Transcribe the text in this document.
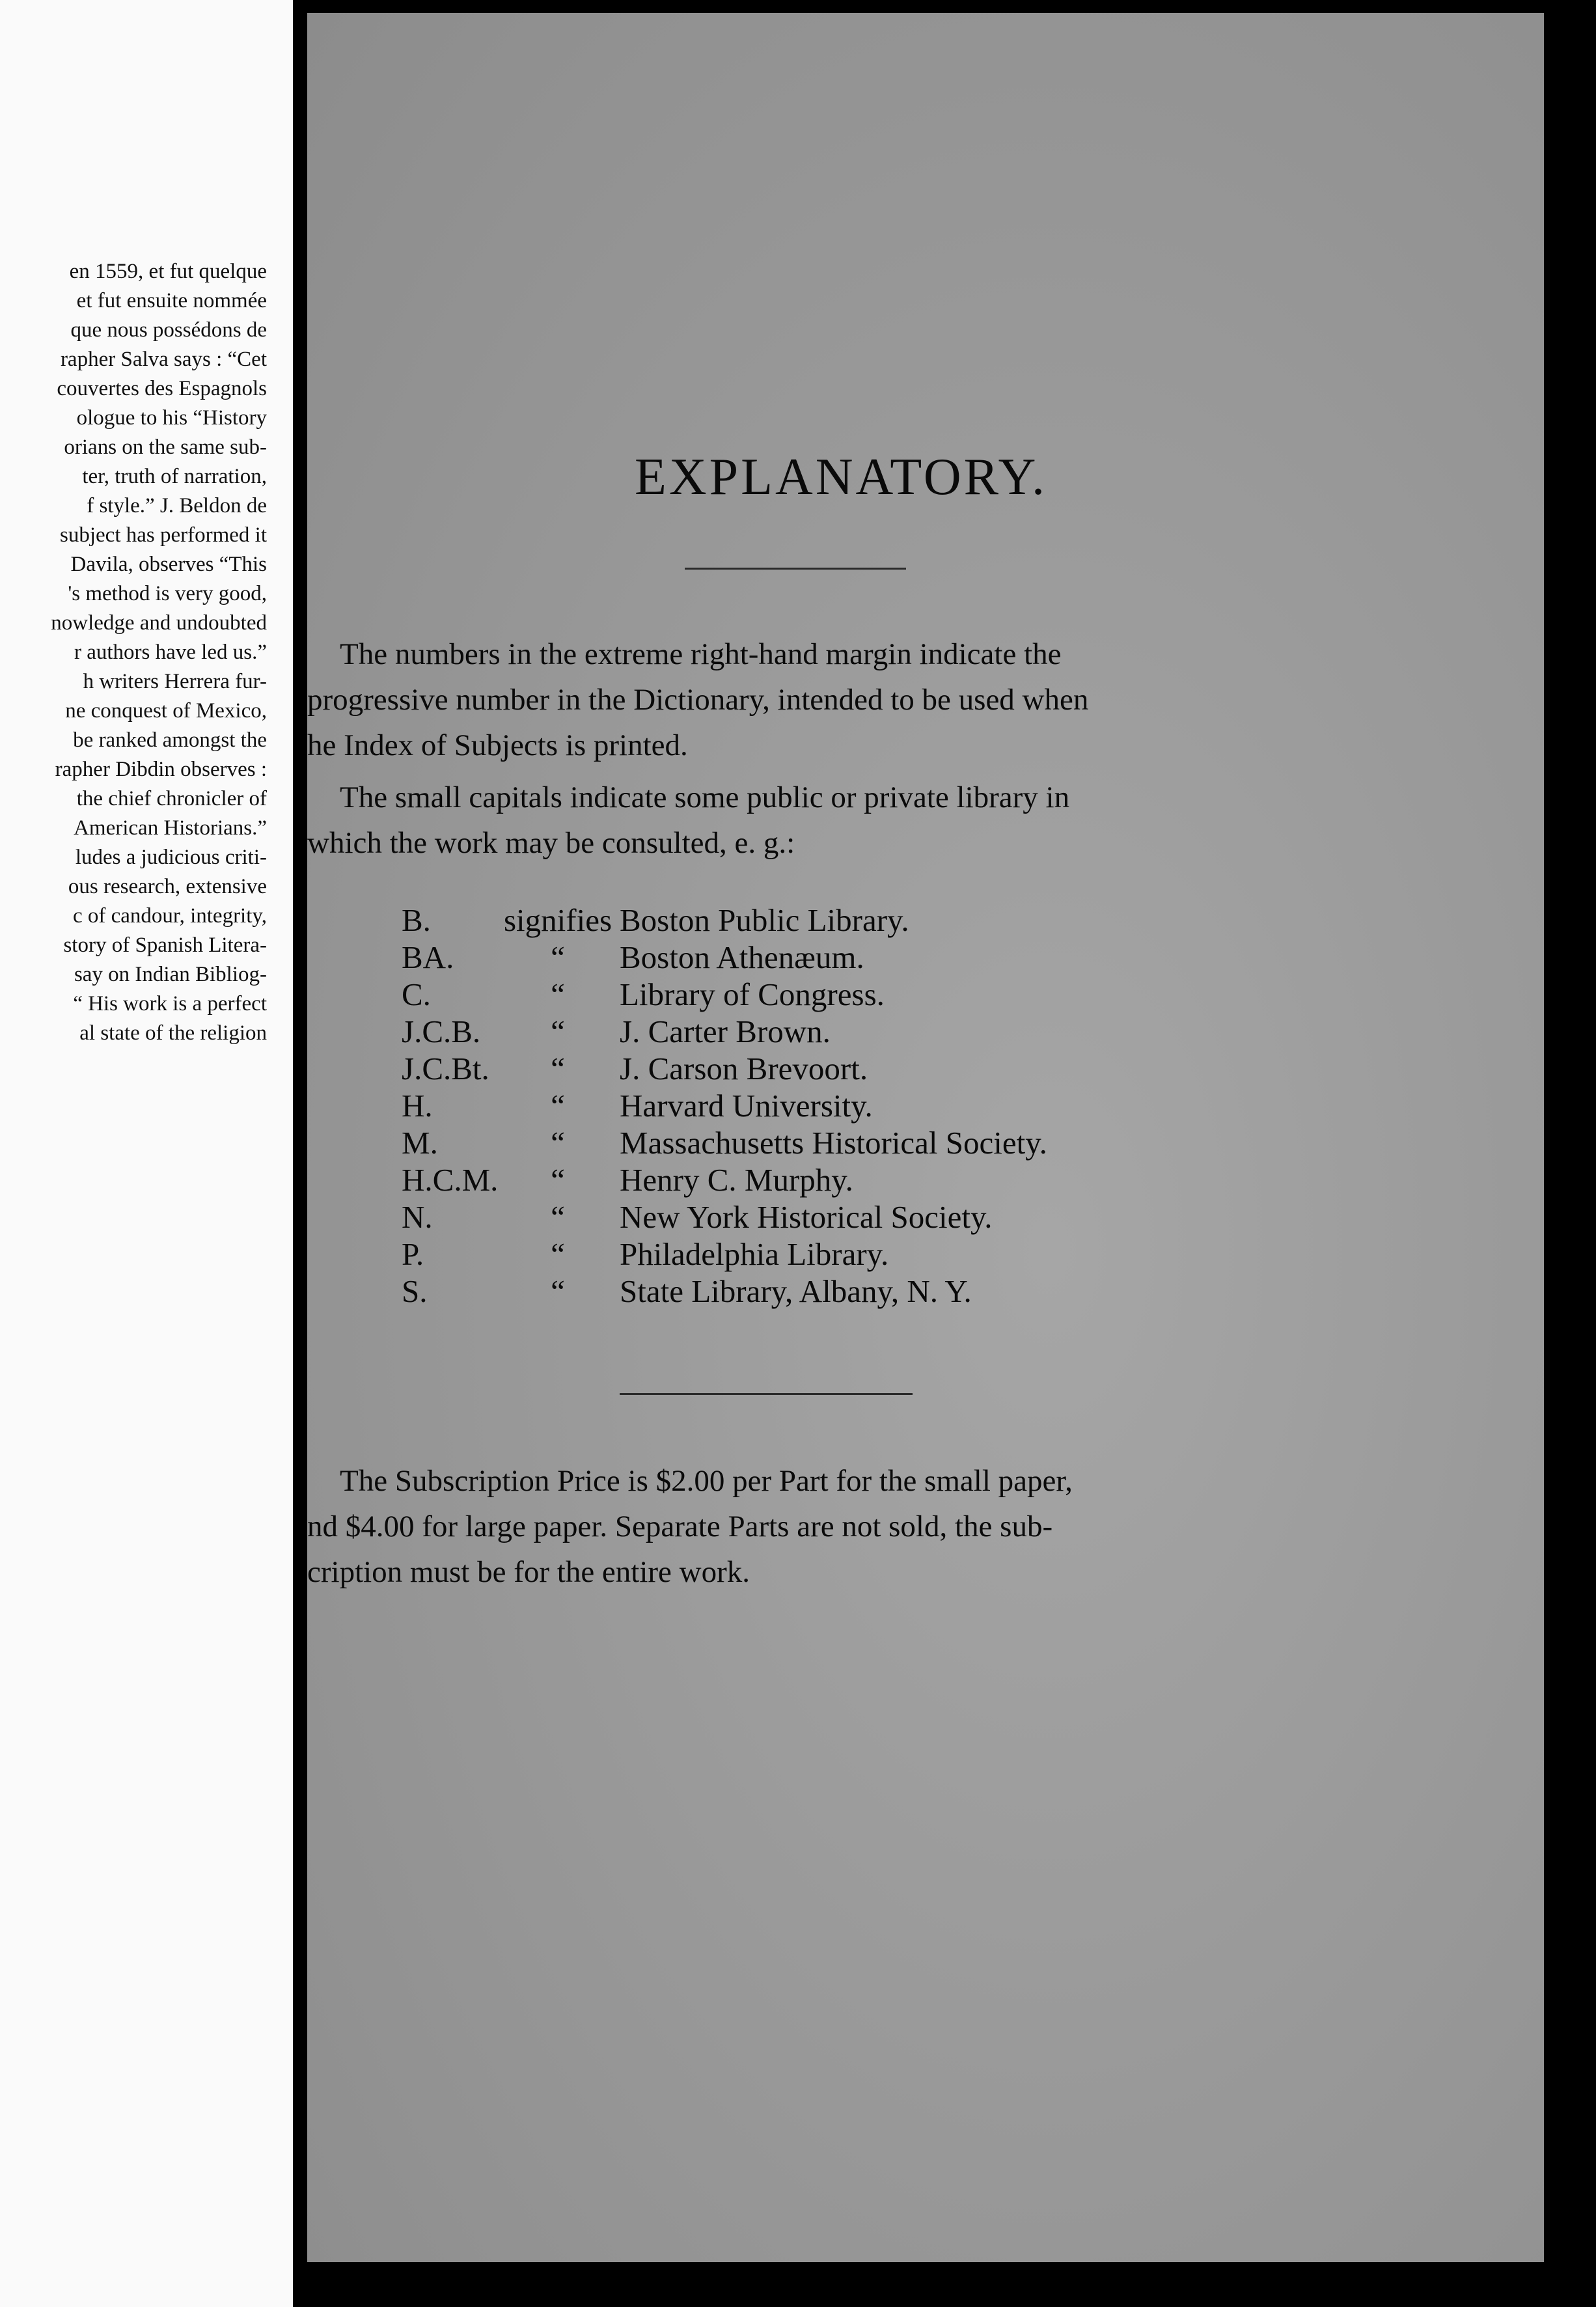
en 1559, et fut quelque
et fut ensuite nommée
que nous possédons de
rapher Salva says : “Cet
couvertes des Espagnols
ologue to his “History
orians on the same sub-
ter, truth of narration,
f style.” J. Beldon de
subject has performed it
Davila, observes “This
's method is very good,
nowledge and undoubted
r authors have led us.”
h writers Herrera fur-
ne conquest of Mexico,
be ranked amongst the
rapher Dibdin observes :
the chief chronicler of
American Historians.”
ludes a judicious criti-
ous research, extensive
c of candour, integrity,
story of Spanish Litera-
say on Indian Bibliog-
“ His work is a perfect
al state of the religion
EXPLANATORY.
The numbers in the extreme right-hand margin indicate the
progressive number in the Dictionary, intended to be used when
he Index of Subjects is printed.
The small capitals indicate some public or private library in
which the work may be consulted, e. g.:
B.	signifies Boston Public Library.
BA.	“	Boston Athenæum.
C.	“	Library of Congress.
J.C.B.	“	J. Carter Brown.
J.C.Bt.	“	J. Carson Brevoort.
H.	“	Harvard University.
M.	“	Massachusetts Historical Society.
H.C.M.	“	Henry C. Murphy.
N.	“	New York Historical Society.
P.	“	Philadelphia Library.
S.	“	State Library, Albany, N. Y.
The Subscription Price is $2.00 per Part for the small paper,
nd $4.00 for large paper. Separate Parts are not sold, the sub-
cription must be for the entire work.
